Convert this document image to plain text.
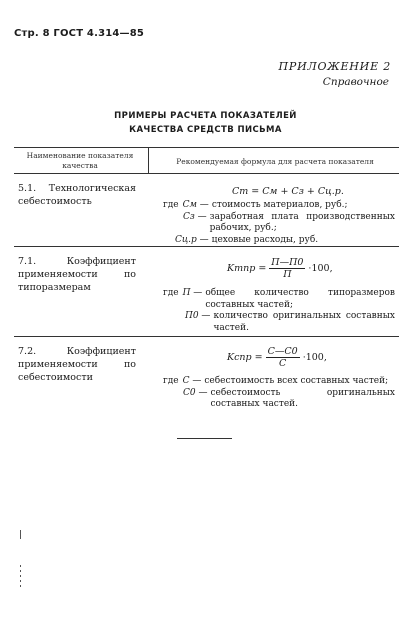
Стр. 8 ГОСТ 4.314—85
ПРИЛОЖЕНИЕ 2
Справочное
ПРИМЕРЫ РАСЧЕТА ПОКАЗАТЕЛЕЙ
КАЧЕСТВА СРЕДСТВ ПИСЬМА
Наименование показателя качества	Рекомендуемая формула для расчета показателя
5.1. Технологическая себестоимость
Cт = Cм + Cз + Cц.р.
где Cм — стоимость материалов, руб.;
Cз — заработная плата производственных рабочих, руб.;
Cц.р — цеховые расходы, руб.
7.1. Коэффициент применяемости по типоразмерам
Kтпр = $\frac{П—П0}{П} \cdot 100$,
где П — общее количество типоразмеров составных частей;
П0 — количество оригинальных составных частей.
7.2. Коэффициент применяемости по себестоимости
Kспр = $\frac{C—C0}{C} \cdot 100$,
где C — себестоимость всех составных частей;
C0 — себестоимость оригинальных составных частей.
